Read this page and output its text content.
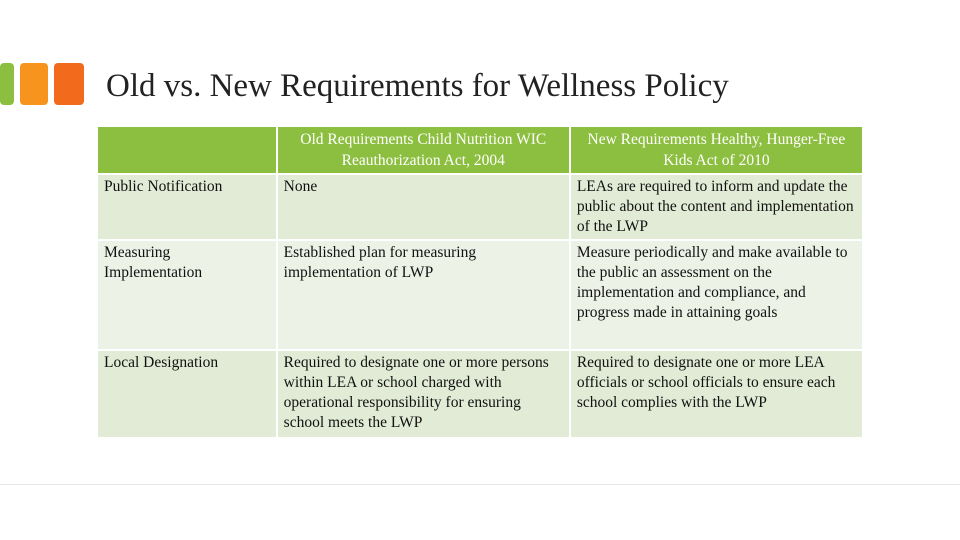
Old vs. New Requirements for Wellness Policy
	Old Requirements Child Nutrition WIC Reauthorization Act, 2004	New Requirements Healthy, Hunger-Free Kids Act of 2010
Public Notification	None	LEAs are required to inform and update the public about the content and implementation of the LWP
Measuring Implementation	Established plan for measuring implementation of LWP	Measure periodically and make available to the public an assessment on the implementation and compliance, and progress made in attaining goals
Local Designation	Required to designate one or more persons within LEA or school charged with operational responsibility for ensuring school meets the LWP	Required to designate one or more LEA officials or school officials to ensure each school complies with the LWP
